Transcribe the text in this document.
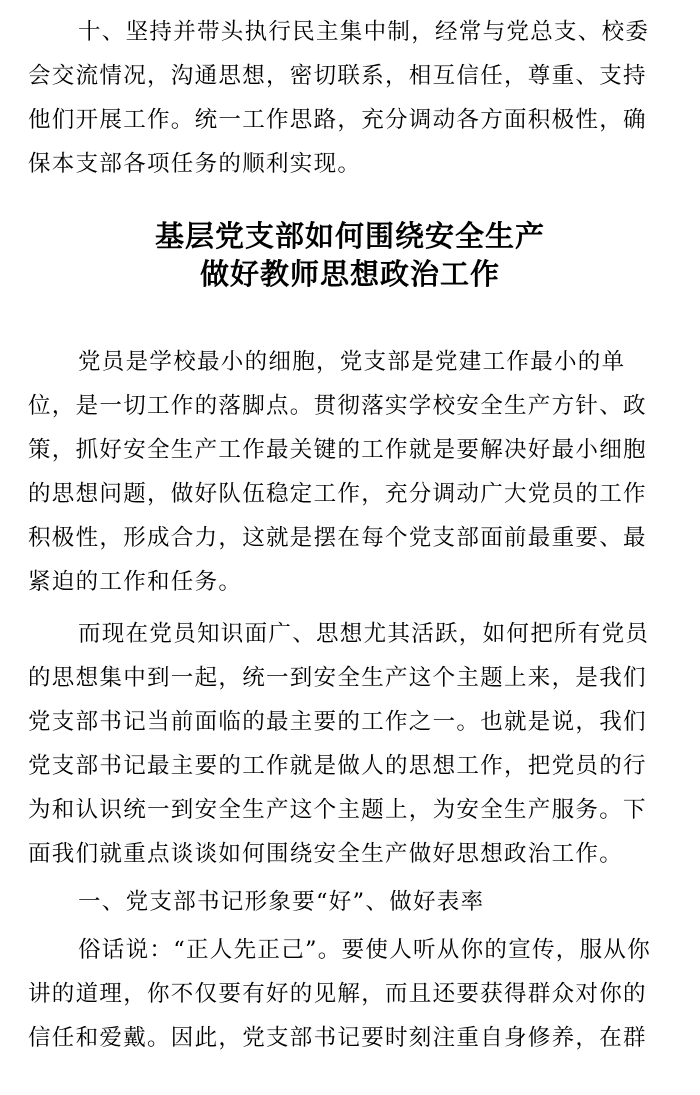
十、坚持并带头执行民主集中制，经常与党总支、校委
会交流情况，沟通思想，密切联系，相互信任，尊重、支持
他们开展工作。统一工作思路，充分调动各方面积极性，确
保本支部各项任务的顺利实现。
基层党支部如何围绕安全生产
做好教师思想政治工作
党员是学校最小的细胞，党支部是党建工作最小的单
位，是一切工作的落脚点。贯彻落实学校安全生产方针、政
策，抓好安全生产工作最关键的工作就是要解决好最小细胞
的思想问题，做好队伍稳定工作，充分调动广大党员的工作
积极性，形成合力，这就是摆在每个党支部面前最重要、最
紧迫的工作和任务。
而现在党员知识面广、思想尤其活跃，如何把所有党员
的思想集中到一起，统一到安全生产这个主题上来，是我们
党支部书记当前面临的最主要的工作之一。也就是说，我们
党支部书记最主要的工作就是做人的思想工作，把党员的行
为和认识统一到安全生产这个主题上，为安全生产服务。下
面我们就重点谈谈如何围绕安全生产做好思想政治工作。
一、党支部书记形象要“好”、做好表率
俗话说：“正人先正己”。要使人听从你的宣传，服从你
讲的道理，你不仅要有好的见解，而且还要获得群众对你的
信任和爱戴。因此，党支部书记要时刻注重自身修养，在群
